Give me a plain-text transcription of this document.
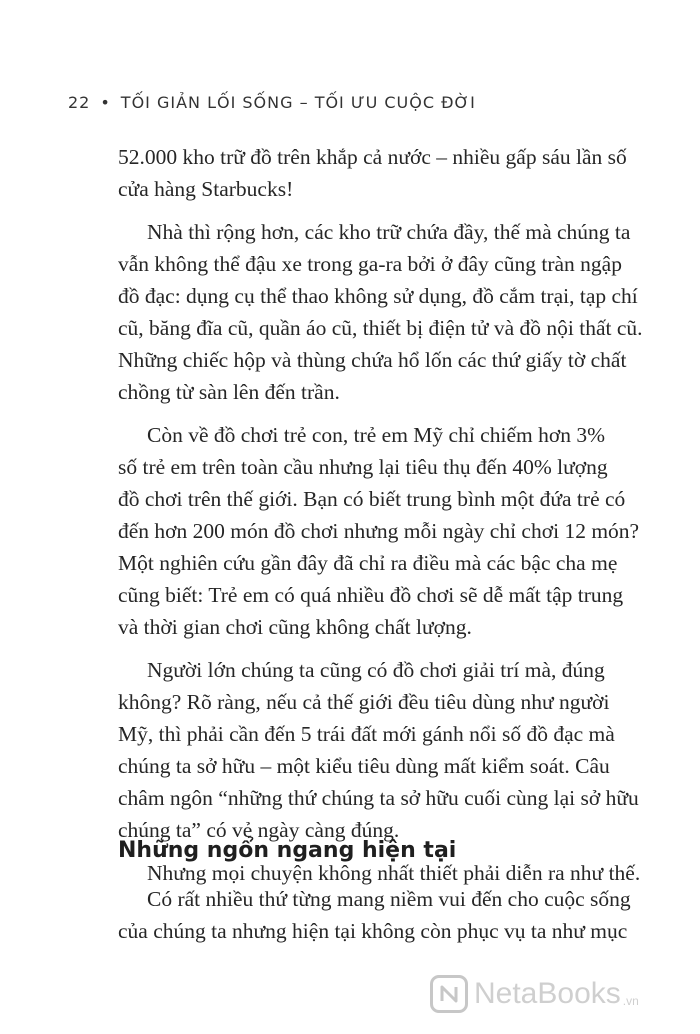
22 • TỐI GIẢN LỐI SỐNG – TỐI ƯU CUỘC ĐỜI
52.000 kho trữ đồ trên khắp cả nước – nhiều gấp sáu lần số
cửa hàng Starbucks!
Nhà thì rộng hơn, các kho trữ chứa đầy, thế mà chúng ta
vẫn không thể đậu xe trong ga-ra bởi ở đây cũng tràn ngập
đồ đạc: dụng cụ thể thao không sử dụng, đồ cắm trại, tạp chí
cũ, băng đĩa cũ, quần áo cũ, thiết bị điện tử và đồ nội thất cũ.
Những chiếc hộp và thùng chứa hổ lốn các thứ giấy tờ chất
chồng từ sàn lên đến trần.
Còn về đồ chơi trẻ con, trẻ em Mỹ chỉ chiếm hơn 3%
số trẻ em trên toàn cầu nhưng lại tiêu thụ đến 40% lượng
đồ chơi trên thế giới. Bạn có biết trung bình một đứa trẻ có
đến hơn 200 món đồ chơi nhưng mỗi ngày chỉ chơi 12 món?
Một nghiên cứu gần đây đã chỉ ra điều mà các bậc cha mẹ
cũng biết: Trẻ em có quá nhiều đồ chơi sẽ dễ mất tập trung
và thời gian chơi cũng không chất lượng.
Người lớn chúng ta cũng có đồ chơi giải trí mà, đúng
không? Rõ ràng, nếu cả thế giới đều tiêu dùng như người
Mỹ, thì phải cần đến 5 trái đất mới gánh nổi số đồ đạc mà
chúng ta sở hữu – một kiểu tiêu dùng mất kiểm soát. Câu
châm ngôn “những thứ chúng ta sở hữu cuối cùng lại sở hữu
chúng ta” có vẻ ngày càng đúng.
Nhưng mọi chuyện không nhất thiết phải diễn ra như thế.
Những ngổn ngang hiện tại
Có rất nhiều thứ từng mang niềm vui đến cho cuộc sống
của chúng ta nhưng hiện tại không còn phục vụ ta như mục
NetaBooks .vn
